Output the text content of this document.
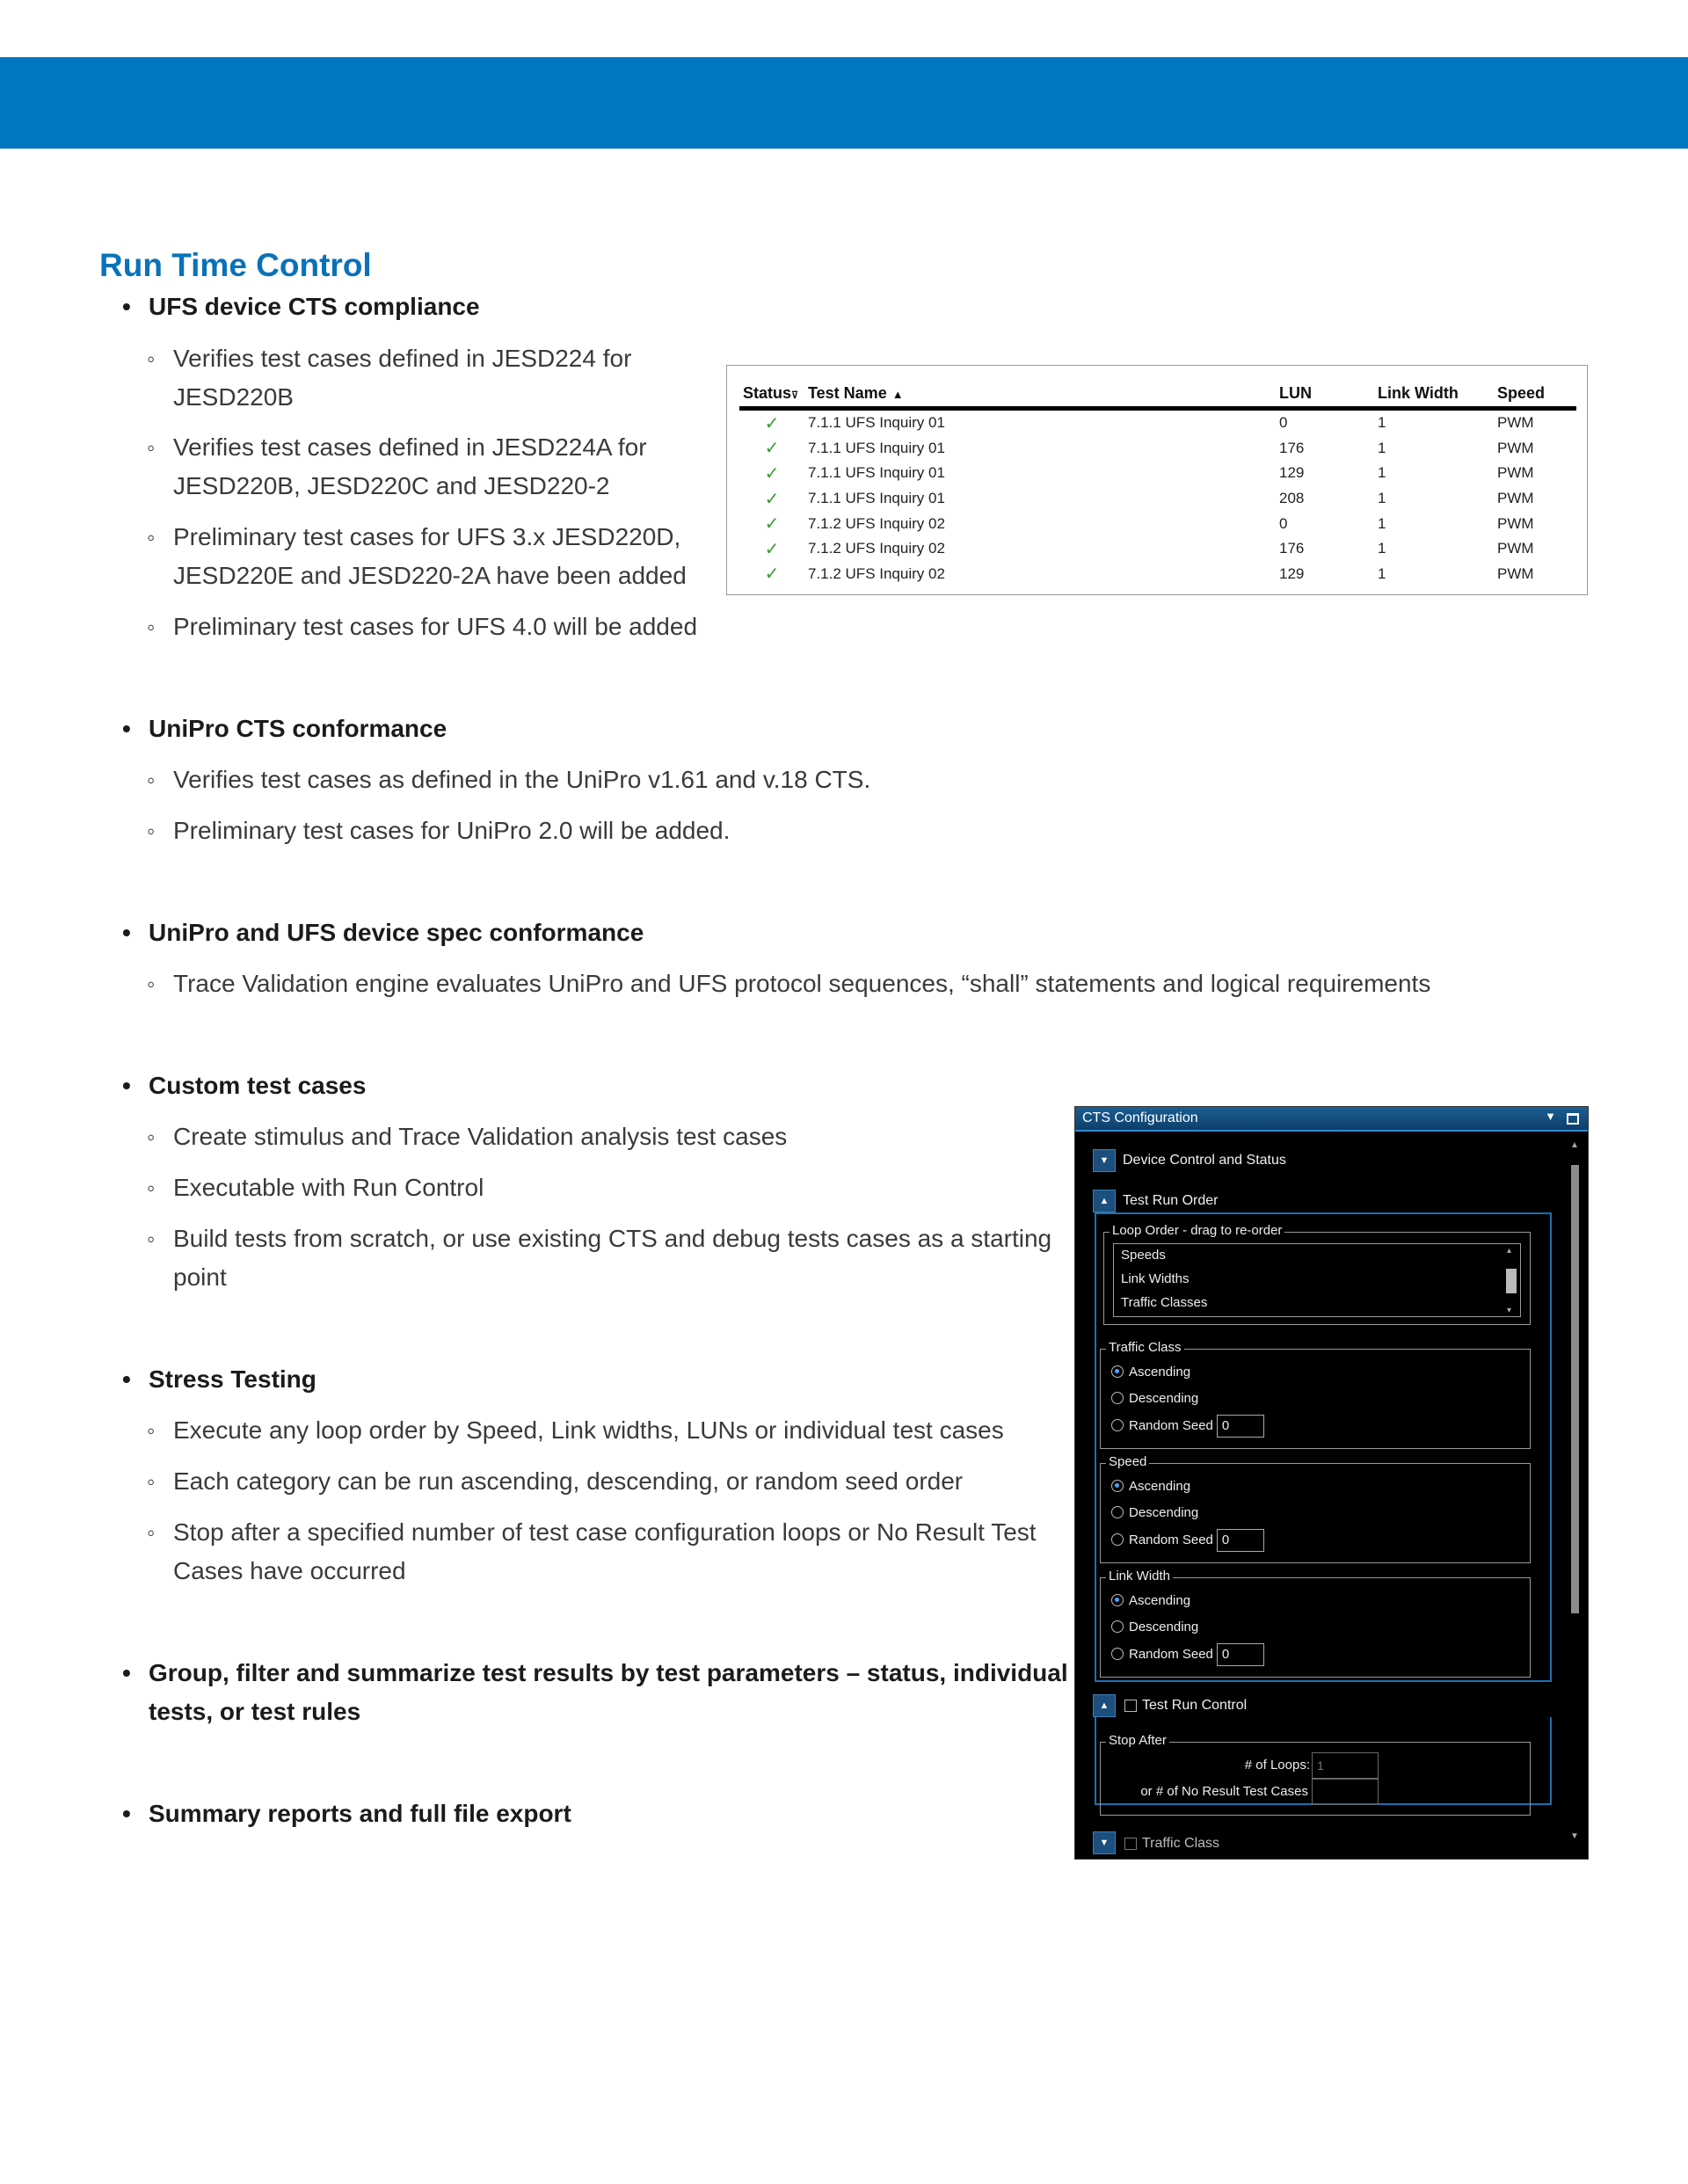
Run Time Control

• UFS device CTS compliance

◦ Verifies test cases defined in JESD224 for
JESD220B

◦ Verifies test cases defined in JESD224A for
JESD220B, JESD220C and JESD220-2

◦ Preliminary test cases for UFS 3.x JESD220D,
JESD220E and JESD220-2A have been added

◦ Preliminary test cases for UFS 4.0 will be added

• UniPro CTS conformance

◦ Verifies test cases as defined in the UniPro v1.61 and v.18 CTS.

◦ Preliminary test cases for UniPro 2.0 will be added.

• UniPro and UFS device spec conformance

◦ Trace Validation engine evaluates UniPro and UFS protocol sequences, “shall” statements and logical requirements

• Custom test cases

◦ Create stimulus and Trace Validation analysis test cases

◦ Executable with Run Control

◦ Build tests from scratch, or use existing CTS and debug tests cases as a starting
point

• Stress Testing

◦ Execute any loop order by Speed, Link widths, LUNs or individual test cases

◦ Each category can be run ascending, descending, or random seed order

◦ Stop after a specified number of test case configuration loops or No Result Test
Cases have occurred

• Group, filter and summarize test results by test parameters – status, individual
tests, or test rules

• Summary reports and full file export

Status⊽	Test Name ▲	LUN	Link Width	Speed
✓	7.1.1 UFS Inquiry 01	0	1	PWM
✓	7.1.1 UFS Inquiry 01	176	1	PWM
✓	7.1.1 UFS Inquiry 01	129	1	PWM
✓	7.1.1 UFS Inquiry 01	208	1	PWM
✓	7.1.2 UFS Inquiry 02	0	1	PWM
✓	7.1.2 UFS Inquiry 02	176	1	PWM
✓	7.1.2 UFS Inquiry 02	129	1	PWM
CTS Configuration	▼
▼ Device Control and Status
▲ Test Run Order
Loop Order - drag to re-order
Speeds
Link Widths
Traffic Classes
▴
▾
Traffic Class
Ascending
Descending
Random Seed 0
Speed
Ascending
Descending
Random Seed 0
Link Width
Ascending
Descending
Random Seed 0
▲	Test Run Control
Stop After
# of Loops: 1
or # of No Result Test Cases
▼	Traffic Class
▲
▼
